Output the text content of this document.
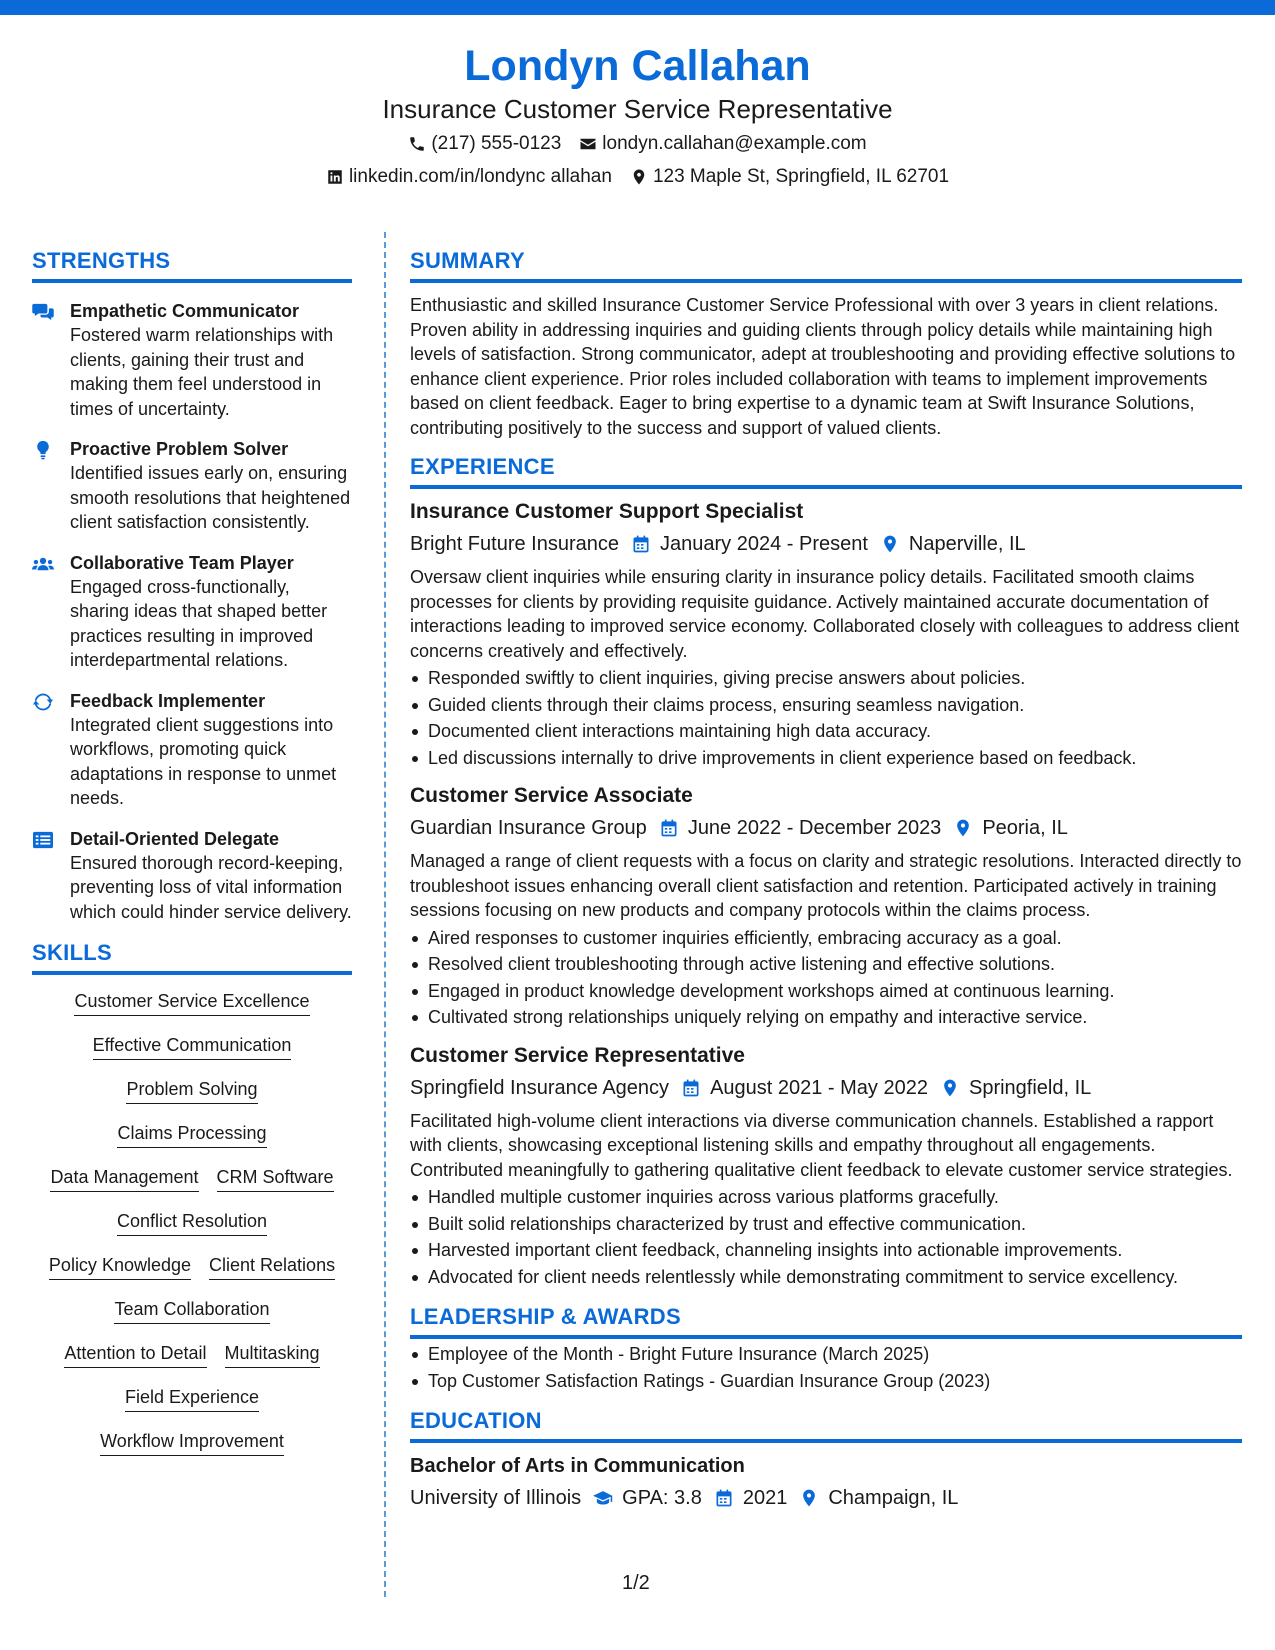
Londyn Callahan
Insurance Customer Service Representative
(217) 555-0123 londyn.callahan@example.com
linkedin.com/in/londync allahan 123 Maple St, Springfield, IL 62701
STRENGTHS
Empathetic Communicator
Fostered warm relationships with clients, gaining their trust and making them feel understood in times of uncertainty.
Proactive Problem Solver
Identified issues early on, ensuring smooth resolutions that heightened client satisfaction consistently.
Collaborative Team Player
Engaged cross-functionally, sharing ideas that shaped better practices resulting in improved interdepartmental relations.
Feedback Implementer
Integrated client suggestions into workflows, promoting quick adaptations in response to unmet needs.
Detail-Oriented Delegate
Ensured thorough record-keeping, preventing loss of vital information which could hinder service delivery.
SKILLS
Customer Service Excellence
Effective Communication
Problem Solving
Claims Processing
Data Management CRM Software
Conflict Resolution
Policy Knowledge Client Relations
Team Collaboration
Attention to Detail Multitasking
Field Experience
Workflow Improvement
SUMMARY
Enthusiastic and skilled Insurance Customer Service Professional with over 3 years in client relations. Proven ability in addressing inquiries and guiding clients through policy details while maintaining high levels of satisfaction. Strong communicator, adept at troubleshooting and providing effective solutions to enhance client experience. Prior roles included collaboration with teams to implement improvements based on client feedback. Eager to bring expertise to a dynamic team at Swift Insurance Solutions, contributing positively to the success and support of valued clients.
EXPERIENCE
Insurance Customer Support Specialist
Bright Future Insurance January 2024 - Present Naperville, IL
Oversaw client inquiries while ensuring clarity in insurance policy details. Facilitated smooth claims processes for clients by providing requisite guidance. Actively maintained accurate documentation of interactions leading to improved service economy. Collaborated closely with colleagues to address client concerns creatively and effectively.
Responded swiftly to client inquiries, giving precise answers about policies.
Guided clients through their claims process, ensuring seamless navigation.
Documented client interactions maintaining high data accuracy.
Led discussions internally to drive improvements in client experience based on feedback.
Customer Service Associate
Guardian Insurance Group June 2022 - December 2023 Peoria, IL
Managed a range of client requests with a focus on clarity and strategic resolutions. Interacted directly to troubleshoot issues enhancing overall client satisfaction and retention. Participated actively in training sessions focusing on new products and company protocols within the claims process.
Aired responses to customer inquiries efficiently, embracing accuracy as a goal.
Resolved client troubleshooting through active listening and effective solutions.
Engaged in product knowledge development workshops aimed at continuous learning.
Cultivated strong relationships uniquely relying on empathy and interactive service.
Customer Service Representative
Springfield Insurance Agency August 2021 - May 2022 Springfield, IL
Facilitated high-volume client interactions via diverse communication channels. Established a rapport with clients, showcasing exceptional listening skills and empathy throughout all engagements. Contributed meaningfully to gathering qualitative client feedback to elevate customer service strategies.
Handled multiple customer inquiries across various platforms gracefully.
Built solid relationships characterized by trust and effective communication.
Harvested important client feedback, channeling insights into actionable improvements.
Advocated for client needs relentlessly while demonstrating commitment to service excellency.
LEADERSHIP & AWARDS
Employee of the Month - Bright Future Insurance (March 2025)
Top Customer Satisfaction Ratings - Guardian Insurance Group (2023)
EDUCATION
Bachelor of Arts in Communication
University of Illinois GPA: 3.8 2021 Champaign, IL
1/2
